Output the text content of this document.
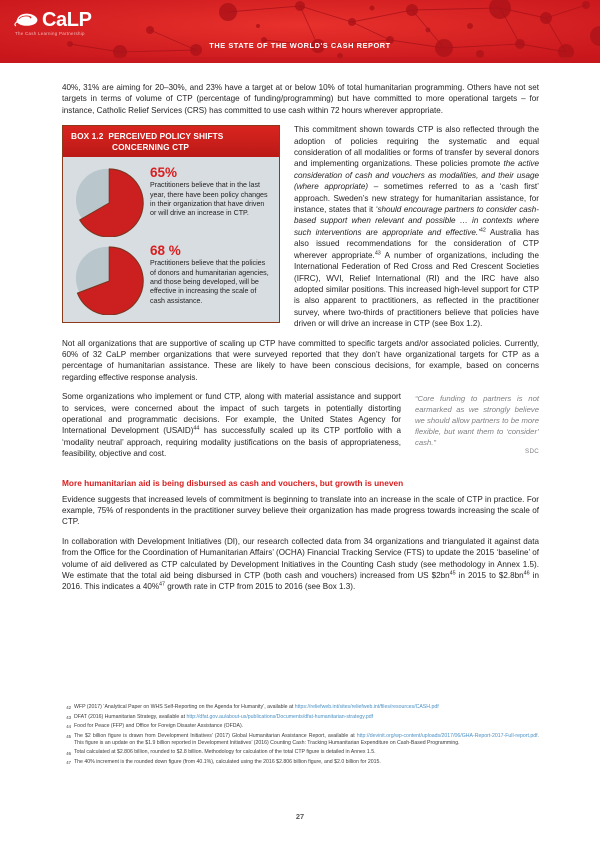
CaLP
The Cash Learning Partnership
THE STATE OF THE WORLD'S CASH REPORT

40%, 31% are aiming for 20–30%, and 23% have a target at or below 10% of total humanitarian programming. Others have not set targets in terms of volume of CTP (percentage of funding/programming) but have committed to more operational targets – for instance, Catholic Relief Services (CRS) has committed to use cash within 72 hours wherever appropriate.

BOX 1.2 PERCEIVED POLICY SHIFTS
CONCERNING CTP
65%
Practitioners believe that in the last year, there have been policy changes in their organization that have driven or will drive an increase in CTP.
68 %
Practitioners believe that the policies of donors and humanitarian agencies, and those being developed, will be effective in increasing the scale of cash assistance.

This commitment shown towards CTP is also reflected through the adoption of policies requiring the systematic and equal consideration of all modalities or forms of transfer by several donors and implementing organizations. These policies promote the active consideration of cash and vouchers as modalities, and their usage (where appropriate) – sometimes referred to as a ‘cash first’ approach. Sweden’s new strategy for humanitarian assistance, for instance, states that it ‘should encourage partners to consider cash-based support when relevant and possible … in contexts where such interventions are appropriate and effective.’$^{42}$ Australia has also issued recommendations for the consideration of CTP wherever appropriate.$^{43}$ A number of organizations, including the International Federation of Red Cross and Red Crescent Societies (IFRC), WVI, Relief International (RI) and the IRC have also adopted similar positions. This increased high-level support for CTP is also apparent to practitioners, as reflected in the practitioner survey, where two-thirds of practitioners believe that policies have driven or will drive an increase in CTP (see Box 1.2).

Not all organizations that are supportive of scaling up CTP have committed to specific targets and/or associated policies. Currently, 60% of 32 CaLP member organizations that were surveyed reported that they don’t have organizational targets for CTP as a percentage of humanitarian assistance. These are likely to have been conscious decisions, for example, based on concerns regarding effective response analysis.

“Core funding to partners is not earmarked as we strongly believe we should allow partners to be more flexible, but want them to ‘consider’ cash.”
SDC

Some organizations who implement or fund CTP, along with material assistance and support to services, were concerned about the impact of such targets in potentially distorting operational and programmatic decisions. For example, the United States Agency for International Development (USAID)$^{44}$ has successfully scaled up its CTP portfolio with a ‘modality neutral’ approach, requiring modality justifications on the basis of appropriateness, feasibility, objective and cost.

More humanitarian aid is being disbursed as cash and vouchers, but growth is uneven

Evidence suggests that increased levels of commitment is beginning to translate into an increase in the scale of CTP in practice. For example, 75% of respondents in the practitioner survey believe their organization has made progress towards increasing the scale of CTP.

In collaboration with Development Initiatives (DI), our research collected data from 34 organizations and triangulated it against data from the Office for the Coordination of Humanitarian Affairs’ (OCHA) Financial Tracking Service (FTS) to update the 2015 ‘baseline’ of volume of aid delivered as CTP calculated by Development Initiatives in the Counting Cash study (see methodology in Annex 1.5). We estimate that the total aid being disbursed in CTP (both cash and vouchers) increased from US $2bn$^{45}$ in 2015 to $2.8bn$^{46}$ in 2016. This indicates a 40%$^{47}$ growth rate in CTP from 2015 to 2016 (see Box 1.3).

42 WFP (2017) ‘Analytical Paper on WHS Self-Reporting on the Agenda for Humanity’, available at https://reliefweb.int/sites/reliefweb.int/files/resources/CASH.pdf
43 DFAT (2016) Humanitarian Strategy, available at http://dfat.gov.au/about-us/publications/Documents/dfat-humanitarian-strategy.pdf
44 Food for Peace (FFP) and Office for Foreign Disaster Assistance (OFDA).
45 The $2 billion figure is drawn from Development Initiatives’ (2017) Global Humanitarian Assistance Report, available at http://devinit.org/wp-content/uploads/2017/06/GHA-Report-2017-Full-report.pdf. This figure is an update on the $1.9 billion reported in Development Initiatives’ (2016) Counting Cash: Tracking Humanitarian Expenditure on Cash-Based Programming.
46 Total calculated at $2.806 billion, rounded to $2.8 billion. Methodology for calculation of the total CTP figure is detailed in Annex 1.5.
47 The 40% increment is the rounded down figure (from 40.1%), calculated using the 2016 $2.806 billion figure, and $2.0 billion for 2015.
27
